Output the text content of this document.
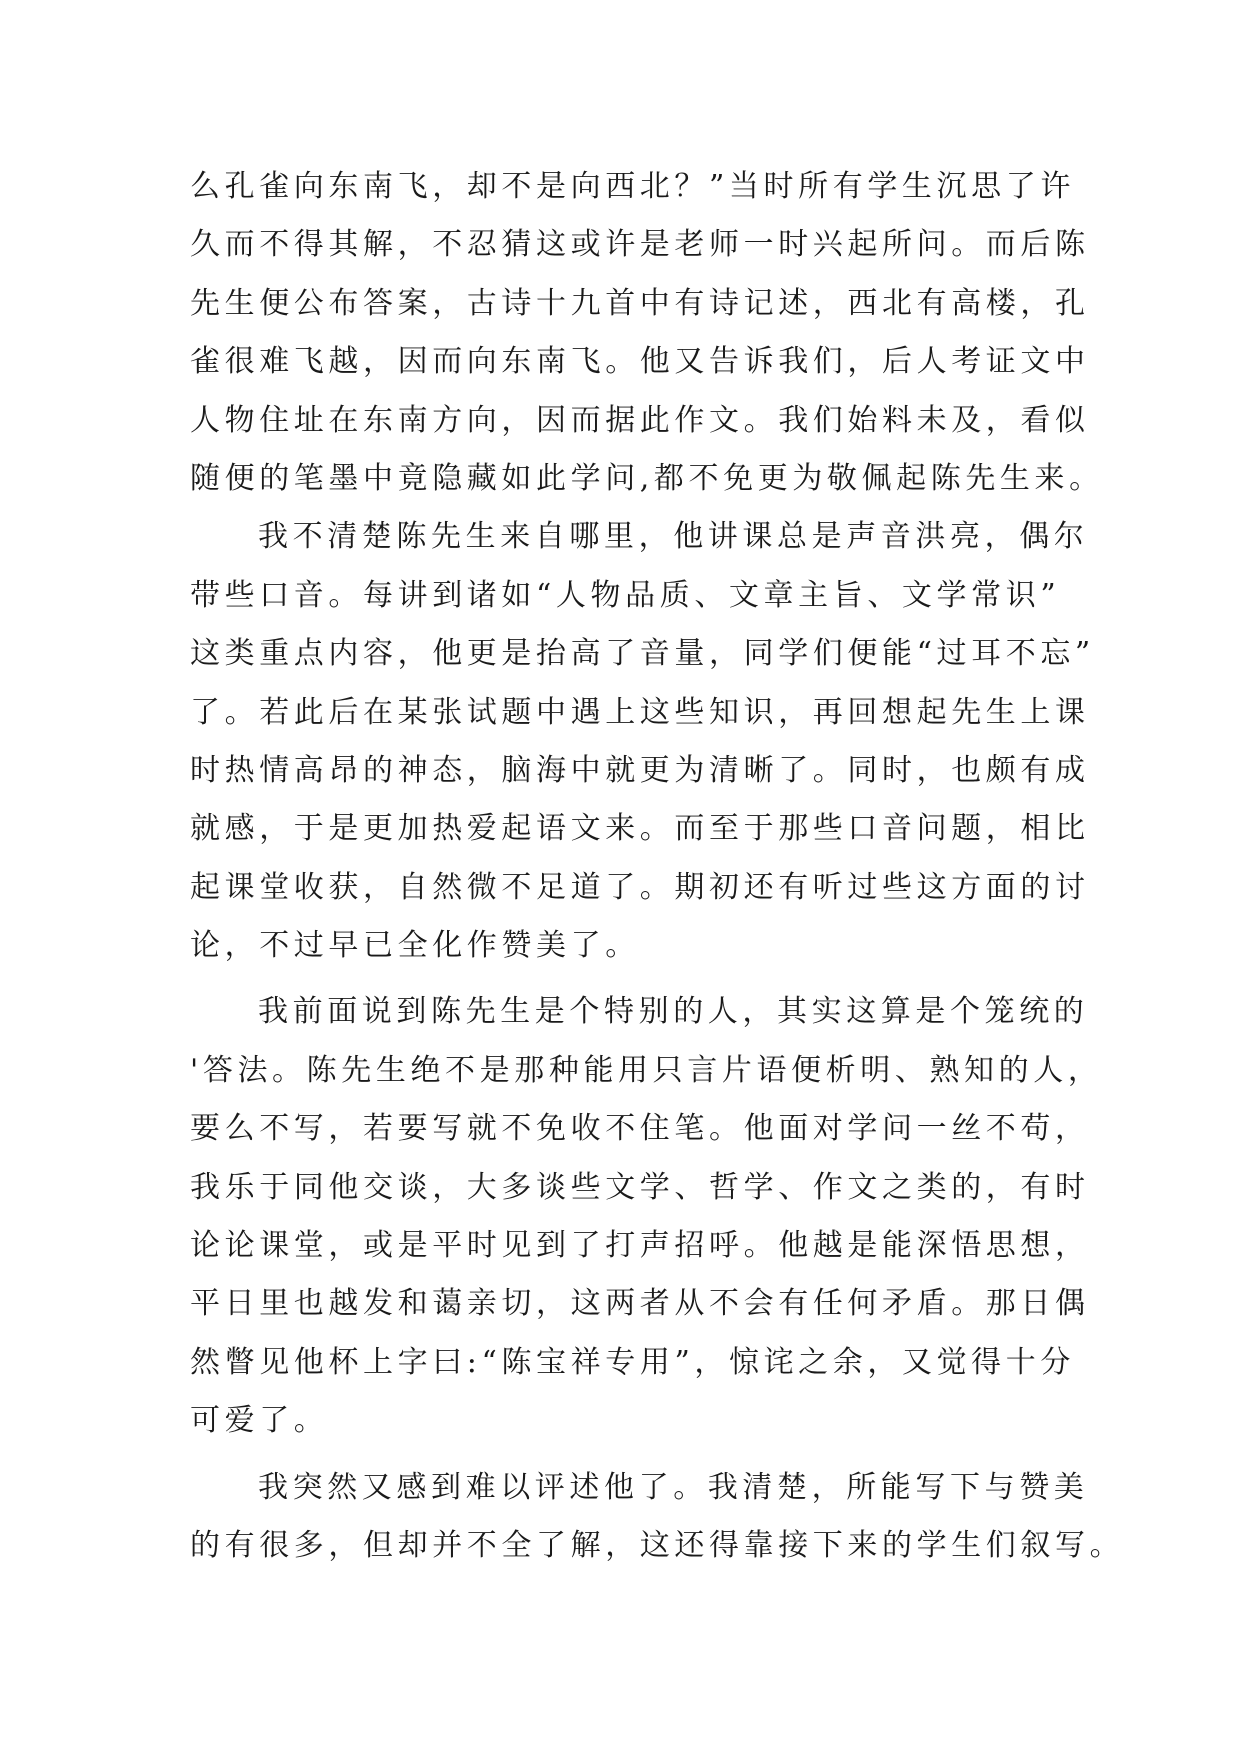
么孔雀向东南飞，却不是向西北？”当时所有学生沉思了许
久而不得其解，不忍猜这或许是老师一时兴起所问。而后陈
先生便公布答案，古诗十九首中有诗记述，西北有高楼，孔
雀很难飞越，因而向东南飞。他又告诉我们，后人考证文中
人物住址在东南方向，因而据此作文。我们始料未及，看似
随便的笔墨中竟隐藏如此学问,都不免更为敬佩起陈先生来。
我不清楚陈先生来自哪里，他讲课总是声音洪亮，偶尔
带些口音。每讲到诸如“人物品质、文章主旨、文学常识”
这类重点内容，他更是抬高了音量，同学们便能“过耳不忘”
了。若此后在某张试题中遇上这些知识，再回想起先生上课
时热情高昂的神态，脑海中就更为清晰了。同时，也颇有成
就感，于是更加热爱起语文来。而至于那些口音问题，相比
起课堂收获，自然微不足道了。期初还有听过些这方面的讨
论，不过早已全化作赞美了。
我前面说到陈先生是个特别的人，其实这算是个笼统的
'答法。陈先生绝不是那种能用只言片语便析明、熟知的人，
要么不写，若要写就不免收不住笔。他面对学问一丝不苟，
我乐于同他交谈，大多谈些文学、哲学、作文之类的，有时
论论课堂，或是平时见到了打声招呼。他越是能深悟思想，
平日里也越发和蔼亲切，这两者从不会有任何矛盾。那日偶
然瞥见他杯上字曰:“陈宝祥专用”，惊诧之余，又觉得十分
可爱了。
我突然又感到难以评述他了。我清楚，所能写下与赞美
的有很多，但却并不全了解，这还得靠接下来的学生们叙写。
